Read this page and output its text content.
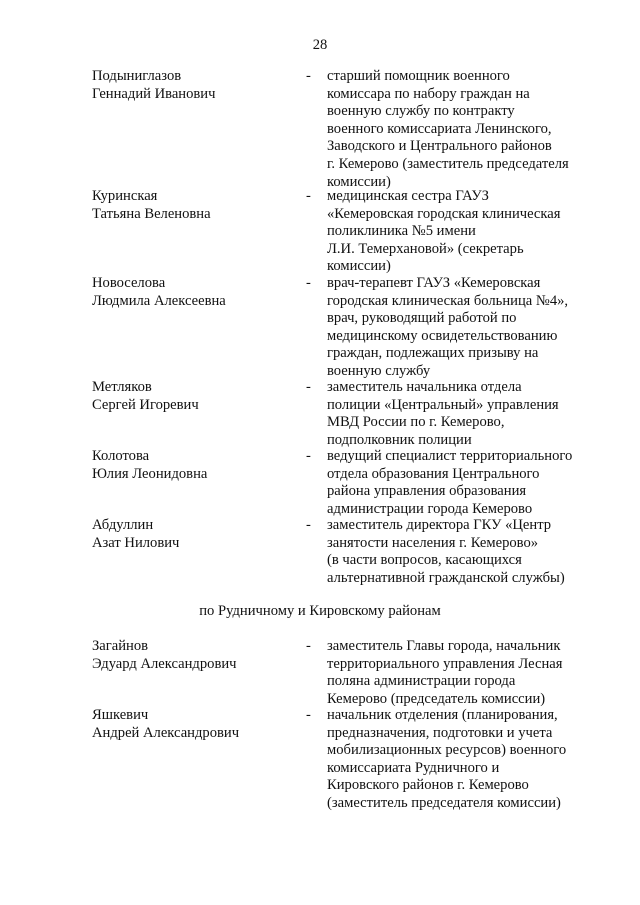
28
Подыниглазов
Геннадий Иванович
- старший помощник военного
комиссара по набору граждан на
военную службу по контракту
военного комиссариата Ленинского,
Заводского и Центрального районов
г. Кемерово (заместитель председателя
комиссии)
Куринская
Татьяна Веленовна
- медицинская сестра ГАУЗ
«Кемеровская городская клиническая
поликлиника №5 имени
Л.И. Темерхановой» (секретарь
комиссии)
Новоселова
Людмила Алексеевна
- врач-терапевт ГАУЗ «Кемеровская
городская клиническая больница №4»,
врач, руководящий работой по
медицинскому освидетельствованию
граждан, подлежащих призыву на
военную службу
Метляков
Сергей Игоревич
- заместитель начальника отдела
полиции «Центральный» управления
МВД России по г. Кемерово,
подполковник полиции
Колотова
Юлия Леонидовна
- ведущий специалист территориального
отдела образования Центрального
района управления образования
администрации города Кемерово
Абдуллин
Азат Нилович
- заместитель директора ГКУ «Центр
занятости населения г. Кемерово»
(в части вопросов, касающихся
альтернативной гражданской службы)
по Рудничному и Кировскому районам
Загайнов
Эдуард Александрович
- заместитель Главы города, начальник
территориального управления Лесная
поляна администрации города
Кемерово (председатель комиссии)
Яшкевич
Андрей Александрович
- начальник отделения (планирования,
предназначения, подготовки и учета
мобилизационных ресурсов) военного
комиссариата Рудничного и
Кировского районов г. Кемерово
(заместитель председателя комиссии)
